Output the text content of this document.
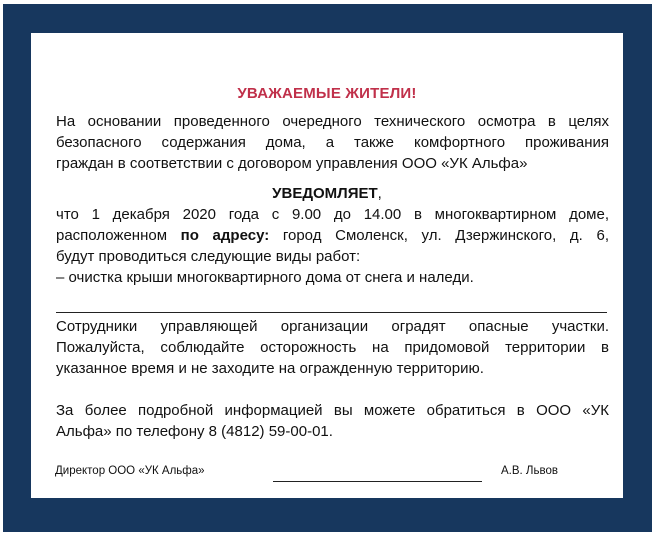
УВАЖАЕМЫЕ ЖИТЕЛИ!

На основании проведенного очередного технического осмотра в целях
безопасного содержания дома, а также комфортного проживания
граждан в соответствии с договором управления ООО «УК Альфа»

УВЕДОМЛЯЕТ,

что 1 декабря 2020 года с 9.00 до 14.00 в многоквартирном доме,
расположенном по адресу: город Смоленск, ул. Дзержинского, д. 6,
будут проводиться следующие виды работ:
– очистка крыши многоквартирного дома от снега и наледи.

Сотрудники управляющей организации оградят опасные участки.
Пожалуйста, соблюдайте осторожность на придомовой территории в
указанное время и не заходите на огражденную территорию.

За более подробной информацией вы можете обратиться в ООО «УК
Альфа» по телефону 8 (4812) 59-00-01.

Директор ООО «УК Альфа»	А.В. Львов
